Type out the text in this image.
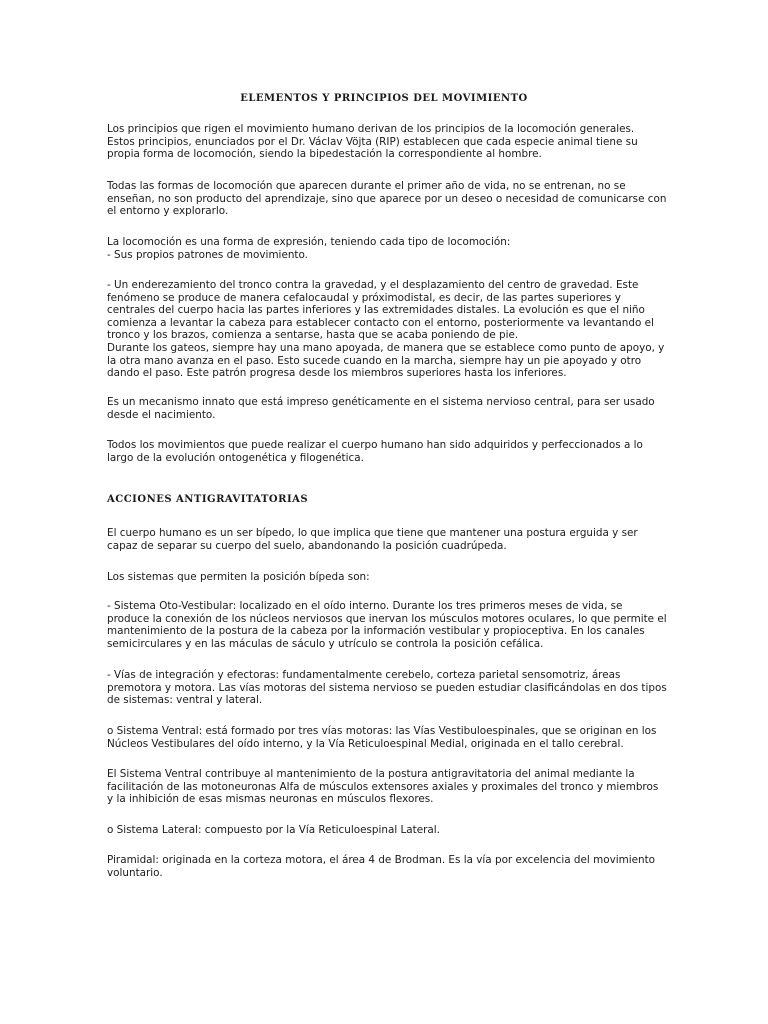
ELEMENTOS Y PRINCIPIOS DEL MOVIMIENTO

Los principios que rigen el movimiento humano derivan de los principios de la locomoción generales.
Estos principios, enunciados por el Dr. Václav Vöjta (RIP) establecen que cada especie animal tiene su propia forma de locomoción, siendo la bipedestación la correspondiente al hombre.

Todas las formas de locomoción que aparecen durante el primer año de vida, no se entrenan, no se enseñan, no son producto del aprendizaje, sino que aparece por un deseo o necesidad de comunicarse con el entorno y explorarlo.

La locomoción es una forma de expresión, teniendo cada tipo de locomoción:
- Sus propios patrones de movimiento.

- Un enderezamiento del tronco contra la gravedad, y el desplazamiento del centro de gravedad. Este fenómeno se produce de manera cefalocaudal y próximodistal, es decir, de las partes superiores y centrales del cuerpo hacia las partes inferiores y las extremidades distales. La evolución es que el niño comienza a levantar la cabeza para establecer contacto con el entorno, posteriormente va levantando el tronco y los brazos, comienza a sentarse, hasta que se acaba poniendo de pie.
Durante los gateos, siempre hay una mano apoyada, de manera que se establece como punto de apoyo, y la otra mano avanza en el paso. Esto sucede cuando en la marcha, siempre hay un pie apoyado y otro dando el paso. Este patrón progresa desde los miembros superiores hasta los inferiores.

Es un mecanismo innato que está impreso genéticamente en el sistema nervioso central, para ser usado desde el nacimiento.

Todos los movimientos que puede realizar el cuerpo humano han sido adquiridos y perfeccionados a lo largo de la evolución ontogenética y filogenética.

ACCIONES ANTIGRAVITATORIAS

El cuerpo humano es un ser bípedo, lo que implica que tiene que mantener una postura erguida y ser capaz de separar su cuerpo del suelo, abandonando la posición cuadrúpeda.

Los sistemas que permiten la posición bípeda son:

- Sistema Oto-Vestibular: localizado en el oído interno. Durante los tres primeros meses de vida, se produce la conexión de los núcleos nerviosos que inervan los músculos motores oculares, lo que permite el mantenimiento de la postura de la cabeza por la información vestibular y propioceptiva. En los canales semicirculares y en las máculas de sáculo y utrículo se controla la posición cefálica.

- Vías de integración y efectoras: fundamentalmente cerebelo, corteza parietal sensomotriz, áreas premotora y motora. Las vías motoras del sistema nervioso se pueden estudiar clasificándolas en dos tipos de sistemas: ventral y lateral.

o Sistema Ventral: está formado por tres vías motoras: las Vías Vestibuloespinales, que se originan en los Núcleos Vestibulares del oído interno, y la Vía Reticuloespinal Medial, originada en el tallo cerebral.

El Sistema Ventral contribuye al mantenimiento de la postura antigravitatoria del animal mediante la facilitación de las motoneuronas Alfa de músculos extensores axiales y proximales del tronco y miembros y la inhibición de esas mismas neuronas en músculos flexores.

o Sistema Lateral: compuesto por la Vía Reticuloespinal Lateral.

Piramidal: originada en la corteza motora, el área 4 de Brodman. Es la vía por excelencia del movimiento voluntario.
